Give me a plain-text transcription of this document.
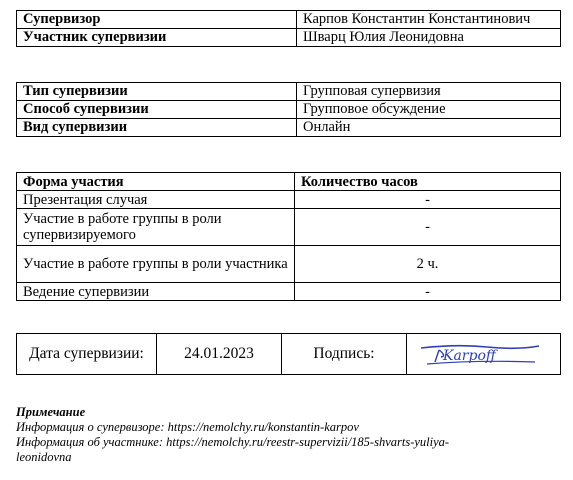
Супервизор	Карпов Константин Константинович
Участник супервизии	Шварц Юлия Леонидовна
Тип супервизии	Групповая супервизия
Способ супервизии	Групповое обсуждение
Вид супервизии	Онлайн
Форма участия	Количество часов
Презентация случая	-
Участие в работе группы в роли супервизируемого	-
Участие в работе группы в роли участника	2 ч.
Ведение супервизии	-
Дата супервизии:	24.01.2023	Подпись:	Karpoff
Примечание
Информация о супервизоре: https://nemolchy.ru/konstantin-karpov
Информация об участнике: https://nemolchy.ru/reestr-supervizii/185-shvarts-yuliya-
leonidovna
